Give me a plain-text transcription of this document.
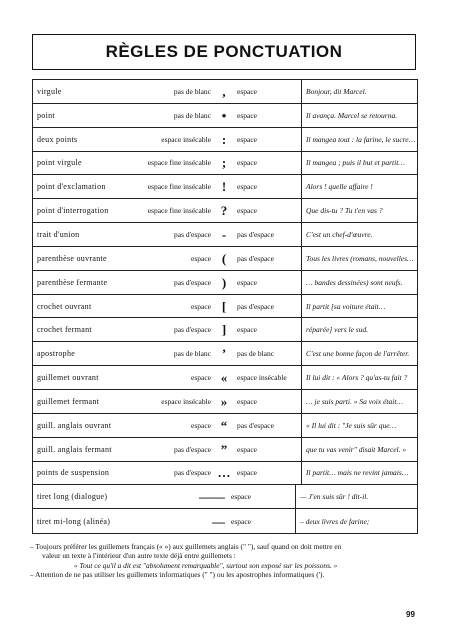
RÈGLES DE PONCTUATION
virgule	pas de blanc ,	espace	Bonjour, dit Marcel.
point	pas de blanc •	espace	Il avança. Marcel se retourna.
deux points	espace insécable :	espace	Il mangea tout : la farine, le sucre…
point virgule	espace fine insécable ;	espace	Il mangea ; puis il but et partit…
point d'exclamation	espace fine insécable !	espace	Alors ! quelle affaire !
point d'interrogation	espace fine insécable ?	espace	Que dis-tu ? Tu t'en vas ?
trait d'union	pas d'espace -	pas d'espace	C'est un chef-d'œuvre.
parenthèse ouvrante	espace (	pas d'espace	Tous les livres (romans, nouvelles…
parenthèse fermante	pas d'espace )	espace	… bandes dessinées) sont neufs.
crochet ouvrant	espace [	pas d'espace	Il partit [sa voiture était…
crochet fermant	pas d'espace ]	espace	réparée] vers le sud.
apostrophe	pas de blanc ’	pas de blanc	C'est une bonne façon de l'arrêter.
guillemet ouvrant	espace «	espace insécable	Il lui dit : « Alors ? qu'as-tu fait ?
guillemet fermant	espace insécable »	espace	… je suis parti. » Sa voix était…
guill. anglais ouvrant	espace “	pas d'espace	« Il lui dit : "Je suis sûr que…
guill. anglais fermant	pas d'espace ”	espace	que tu vas venir" disait Marcel. »
points de suspension	pas d'espace … espace	Il partit… mais ne revint jamais…
tiret long (dialogue)	—— espace	— J'en suis sûr ! dit-il.
tiret mi-long (alinéa)	— espace	– deux livres de farine;
– Toujours préférer les guillemets français (« ») aux guillemets anglais (" "), sauf quand on doit mettre en
valeur un texte à l'intérieur d'un autre texte déjà entre guillemets :
« Tout ce qu'il a dit est "absolument remarquable", surtout son exposé sur les poissons. »
– Attention de ne pas utiliser les guillemets informatiques (" ") ou les apostrophes informatiques (').
99
